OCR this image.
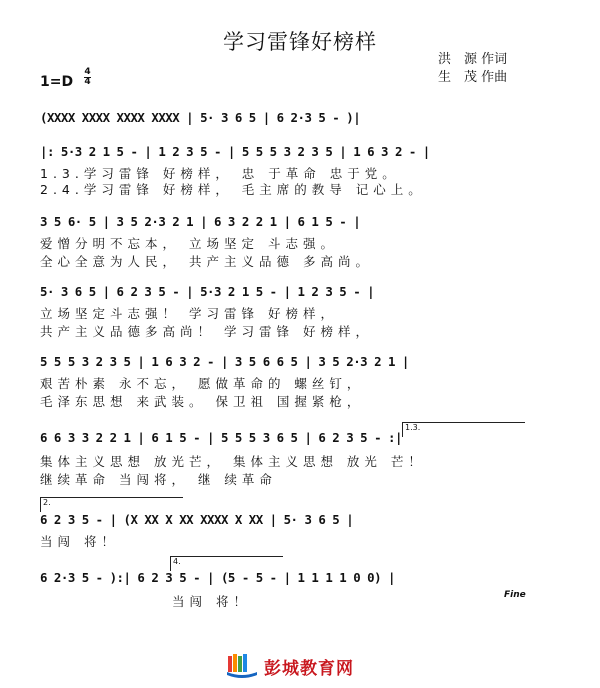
学习雷锋好榜样
洪　源 作词
生　茂 作曲
1=D
4
4
(XXXX XXXX XXXX XXXX | 5· 3 6 5 | 6 2·3 5 - )|
|: 5·3 2 1 5 - | 1 2 3 5 - | 5 5 5 3 2 3 5 | 1 6 3 2 - |
1.3.学习雷锋 好榜样， 忠 于革命 忠于党。
2.4.学习雷锋 好榜样， 毛主席的教导 记心上。
3 5 6· 5 | 3 5 2·3 2 1 | 6 3 2 2 1 | 6 1 5 - |
爱憎分明不忘本， 立场坚定 斗志强。
全心全意为人民， 共产主义品德 多高尚。
5· 3 6 5 | 6 2 3 5 - | 5·3 2 1 5 - | 1 2 3 5 - |
立场坚定斗志强！ 学习雷锋 好榜样，
共产主义品德多高尚！ 学习雷锋 好榜样，
5 5 5 3 2 3 5 | 1 6 3 2 - | 3 5 6 6 5 | 3 5 2·3 2 1 |
艰苦朴素 永不忘， 愿做革命的 螺丝钉，
毛泽东思想 来武装。 保卫祖 国握紧枪，
1.3.
6 6 3 3 2 2 1 | 6 1 5 - | 5 5 5 3 6 5 | 6 2 3 5 - :|
集体主义思想 放光芒， 集体主义思想 放光 芒！
继续革命 当闯将， 继 续革命
2.
6 2 3 5 - | (X XX X XX XXXX X XX | 5· 3 6 5 |
当闯 将！
4.
6 2·3 5 - ):| 6 2 3 5 - | (5 - 5 - | 1 1 1 1 0 0) |
当闯 将！	Fine
彭城教育网
